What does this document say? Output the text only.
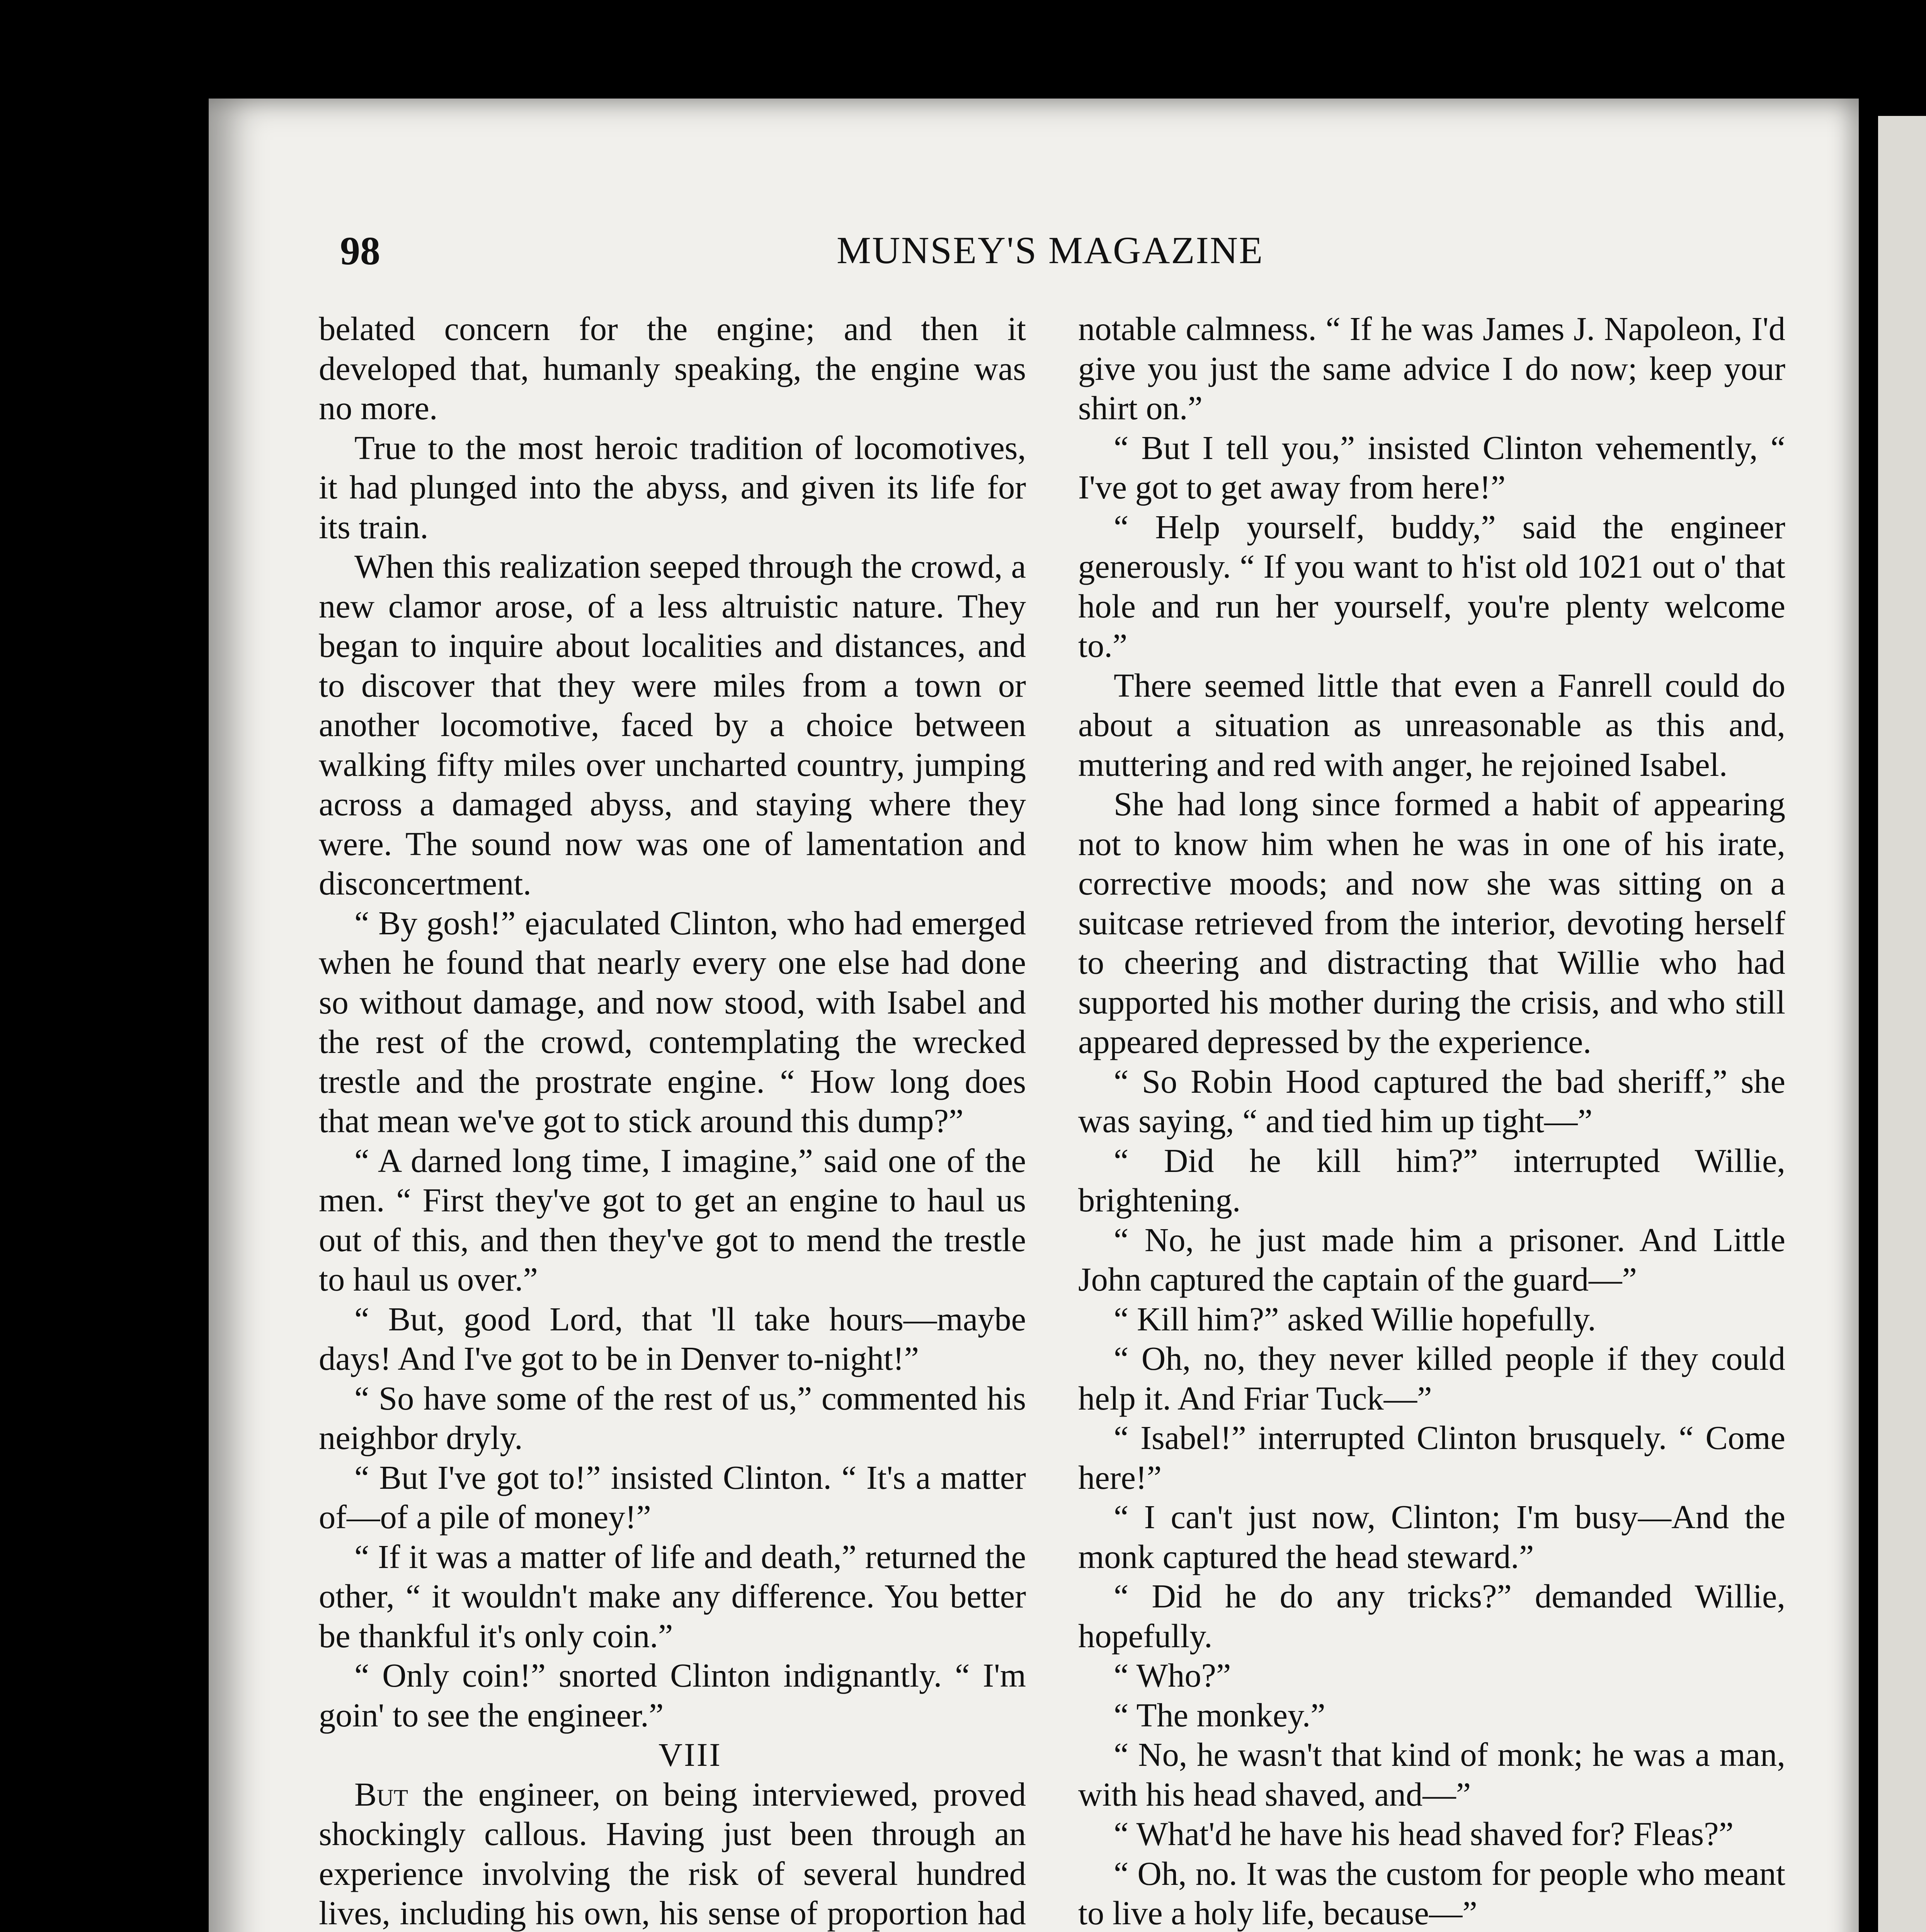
98	MUNSEY'S MAGAZINE

belated concern for the engine; and then it developed that, humanly speaking, the engine was no more.

True to the most heroic tradition of locomotives, it had plunged into the abyss, and given its life for its train.

When this realization seeped through the crowd, a new clamor arose, of a less altruistic nature. They began to inquire about localities and distances, and to discover that they were miles from a town or another locomotive, faced by a choice between walking fifty miles over uncharted country, jumping across a damaged abyss, and staying where they were. The sound now was one of lamentation and disconcertment.

“ By gosh!” ejaculated Clinton, who had emerged when he found that nearly every one else had done so without damage, and now stood, with Isabel and the rest of the crowd, contemplating the wrecked trestle and the prostrate engine. “ How long does that mean we've got to stick around this dump?”

“ A darned long time, I imagine,” said one of the men. “ First they've got to get an engine to haul us out of this, and then they've got to mend the trestle to haul us over.”

“ But, good Lord, that 'll take hours—maybe days! And I've got to be in Denver to-night!”

“ So have some of the rest of us,” commented his neighbor dryly.

“ But I've got to!” insisted Clinton. “ It's a matter of—of a pile of money!”

“ If it was a matter of life and death,” returned the other, “ it wouldn't make any difference. You better be thankful it's only coin.”

“ Only coin!” snorted Clinton indignantly. “ I'm goin' to see the engineer.”

VIII

But the engineer, on being interviewed, proved shockingly callous. Having just been through an experience involving the risk of several hundred lives, including his own, his sense of proportion had

notable calmness. “ If he was James J. Napoleon, I'd give you just the same advice I do now; keep your shirt on.”

“ But I tell you,” insisted Clinton vehemently, “ I've got to get away from here!”

“ Help yourself, buddy,” said the engineer generously. “ If you want to h'ist old 1021 out o' that hole and run her yourself, you're plenty welcome to.”

There seemed little that even a Fanrell could do about a situation as unreasonable as this and, muttering and red with anger, he rejoined Isabel.

She had long since formed a habit of appearing not to know him when he was in one of his irate, corrective moods; and now she was sitting on a suitcase retrieved from the interior, devoting herself to cheering and distracting that Willie who had supported his mother during the crisis, and who still appeared depressed by the experience.

“ So Robin Hood captured the bad sheriff,” she was saying, “ and tied him up tight—”

“ Did he kill him?” interrupted Willie, brightening.

“ No, he just made him a prisoner. And Little John captured the captain of the guard—”

“ Kill him?” asked Willie hopefully.

“ Oh, no, they never killed people if they could help it. And Friar Tuck—”

“ Isabel!” interrupted Clinton brusquely. “ Come here!”

“ I can't just now, Clinton; I'm busy—And the monk captured the head steward.”

“ Did he do any tricks?” demanded Willie, hopefully.

“ Who?”

“ The monkey.”

“ No, he wasn't that kind of monk; he was a man, with his head shaved, and—”

“ What'd he have his head shaved for? Fleas?”

“ Oh, no. It was the custom for people who meant to live a holy life, because—”
